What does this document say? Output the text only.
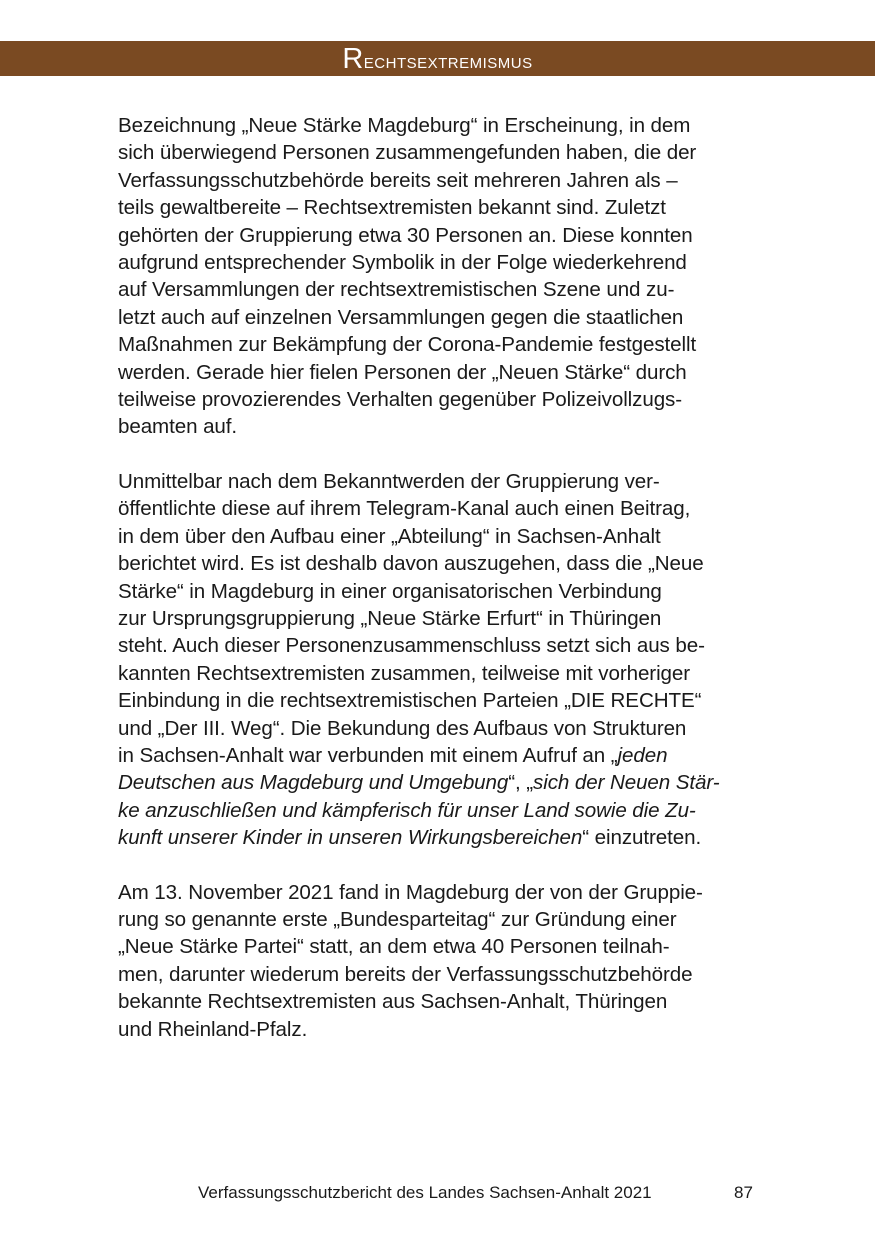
Rechtsextremismus

Bezeichnung „Neue Stärke Magdeburg“ in Erscheinung, in dem
sich überwiegend Personen zusammengefunden haben, die der
Verfassungsschutzbehörde bereits seit mehreren Jahren als –
teils gewaltbereite – Rechtsextremisten bekannt sind. Zuletzt
gehörten der Gruppierung etwa 30 Personen an. Diese konnten
aufgrund entsprechender Symbolik in der Folge wiederkehrend
auf Versammlungen der rechtsextremistischen Szene und zu-
letzt auch auf einzelnen Versammlungen gegen die staatlichen
Maßnahmen zur Bekämpfung der Corona-Pandemie festgestellt
werden. Gerade hier fielen Personen der „Neuen Stärke“ durch
teilweise provozierendes Verhalten gegenüber Polizeivollzugs-
beamten auf.

Unmittelbar nach dem Bekanntwerden der Gruppierung ver-
öffentlichte diese auf ihrem Telegram-Kanal auch einen Beitrag,
in dem über den Aufbau einer „Abteilung“ in Sachsen-Anhalt
berichtet wird. Es ist deshalb davon auszugehen, dass die „Neue
Stärke“ in Magdeburg in einer organisatorischen Verbindung
zur Ursprungsgruppierung „Neue Stärke Erfurt“ in Thüringen
steht. Auch dieser Personenzusammenschluss setzt sich aus be-
kannten Rechtsextremisten zusammen, teilweise mit vorheriger
Einbindung in die rechtsextremistischen Parteien „DIE RECHTE“
und „Der III. Weg“. Die Bekundung des Aufbaus von Strukturen
in Sachsen-Anhalt war verbunden mit einem Aufruf an „jeden
Deutschen aus Magdeburg und Umgebung“, „sich der Neuen Stär-
ke anzuschließen und kämpferisch für unser Land sowie die Zu-
kunft unserer Kinder in unseren Wirkungsbereichen“ einzutreten.

Am 13. November 2021 fand in Magdeburg der von der Gruppie-
rung so genannte erste „Bundesparteitag“ zur Gründung einer
„Neue Stärke Partei“ statt, an dem etwa 40 Personen teilnah-
men, darunter wiederum bereits der Verfassungsschutzbehörde
bekannte Rechtsextremisten aus Sachsen-Anhalt, Thüringen
und Rheinland-Pfalz.

Verfassungsschutzbericht des Landes Sachsen-Anhalt 2021	87
